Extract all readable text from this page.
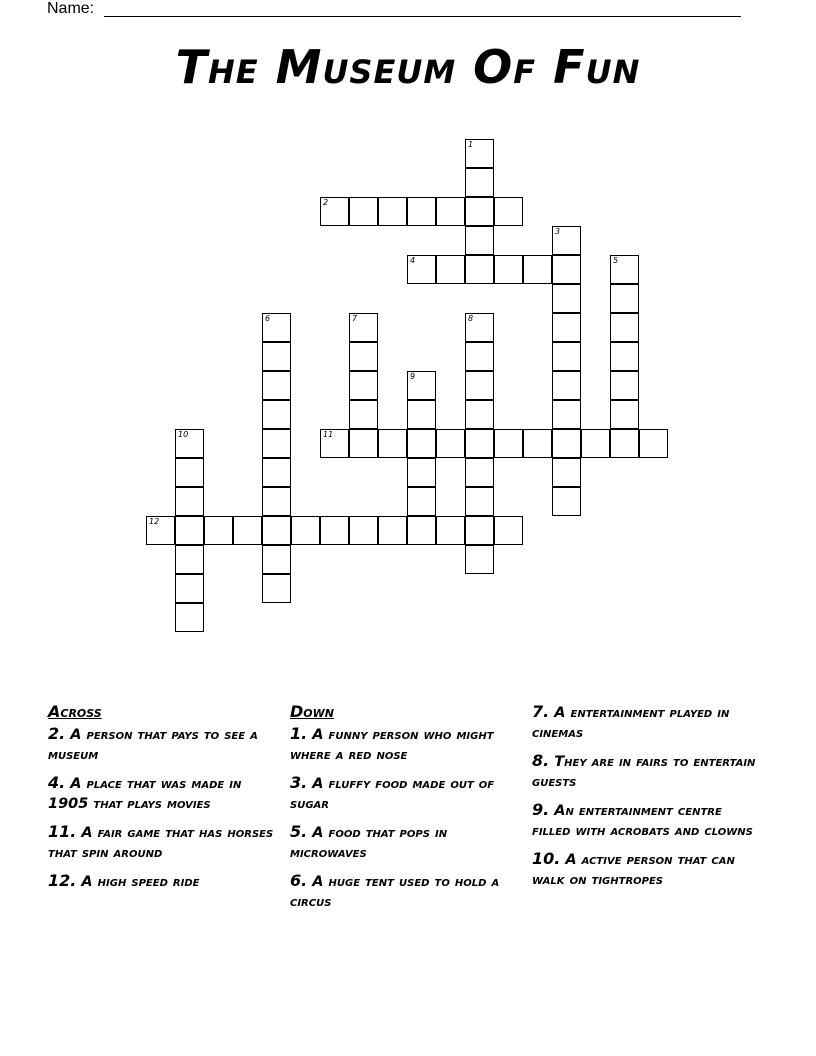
Name:
The Museum Of Fun
1
2
3
4	5
6	7	8
9
10	11
12
Across
2. A person that pays to see a museum
4. A place that was made in 1905 that plays movies
11. A fair game that has horses that spin around
12. A high speed ride
Down
1. A funny person who might where a red nose
3. A fluffy food made out of sugar
5. A food that pops in microwaves
6. A huge tent used to hold a circus
7. A entertainment played in cinemas
8. They are in fairs to entertain guests
9. An entertainment centre filled with acrobats and clowns
10. A active person that can walk on tightropes
